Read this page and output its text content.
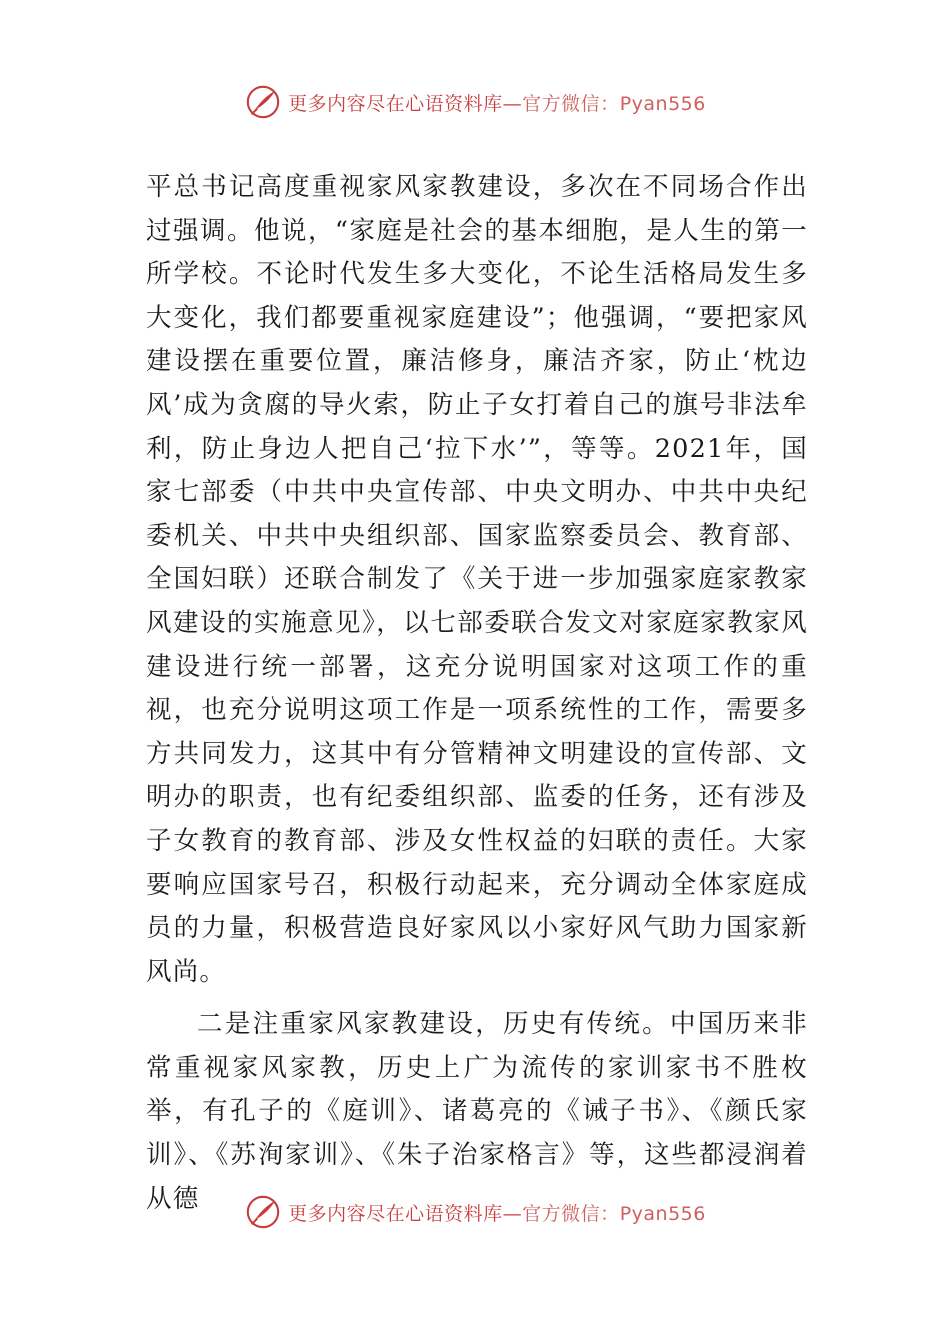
更多内容尽在心语资料库—官方微信：Pyan556

平总书记高度重视家风家教建设，多次在不同场合作出过强调。他说，“家庭是社会的基本细胞，是人生的第一所学校。不论时代发生多大变化，不论生活格局发生多大变化，我们都要重视家庭建设”；他强调，“要把家风建设摆在重要位置，廉洁修身，廉洁齐家，防止‘枕边风’成为贪腐的导火索，防止子女打着自己的旗号非法牟利，防止身边人把自己‘拉下水’”，等等。2021年，国家七部委（中共中央宣传部、中央文明办、中共中央纪委机关、中共中央组织部、国家监察委员会、教育部、全国妇联）还联合制发了《关于进一步加强家庭家教家风建设的实施意见》，以七部委联合发文对家庭家教家风建设进行统一部署，这充分说明国家对这项工作的重视，也充分说明这项工作是一项系统性的工作，需要多方共同发力，这其中有分管精神文明建设的宣传部、文明办的职责，也有纪委组织部、监委的任务，还有涉及子女教育的教育部、涉及女性权益的妇联的责任。大家要响应国家号召，积极行动起来，充分调动全体家庭成员的力量，积极营造良好家风以小家好风气助力国家新风尚。

二是注重家风家教建设，历史有传统。中国历来非常重视家风家教，历史上广为流传的家训家书不胜枚举，有孔子的《庭训》、诸葛亮的《诫子书》、《颜氏家训》、《苏洵家训》、《朱子治家格言》等，这些都浸润着从德	更多内容尽在心语资料库—官方微信：Pyan556
